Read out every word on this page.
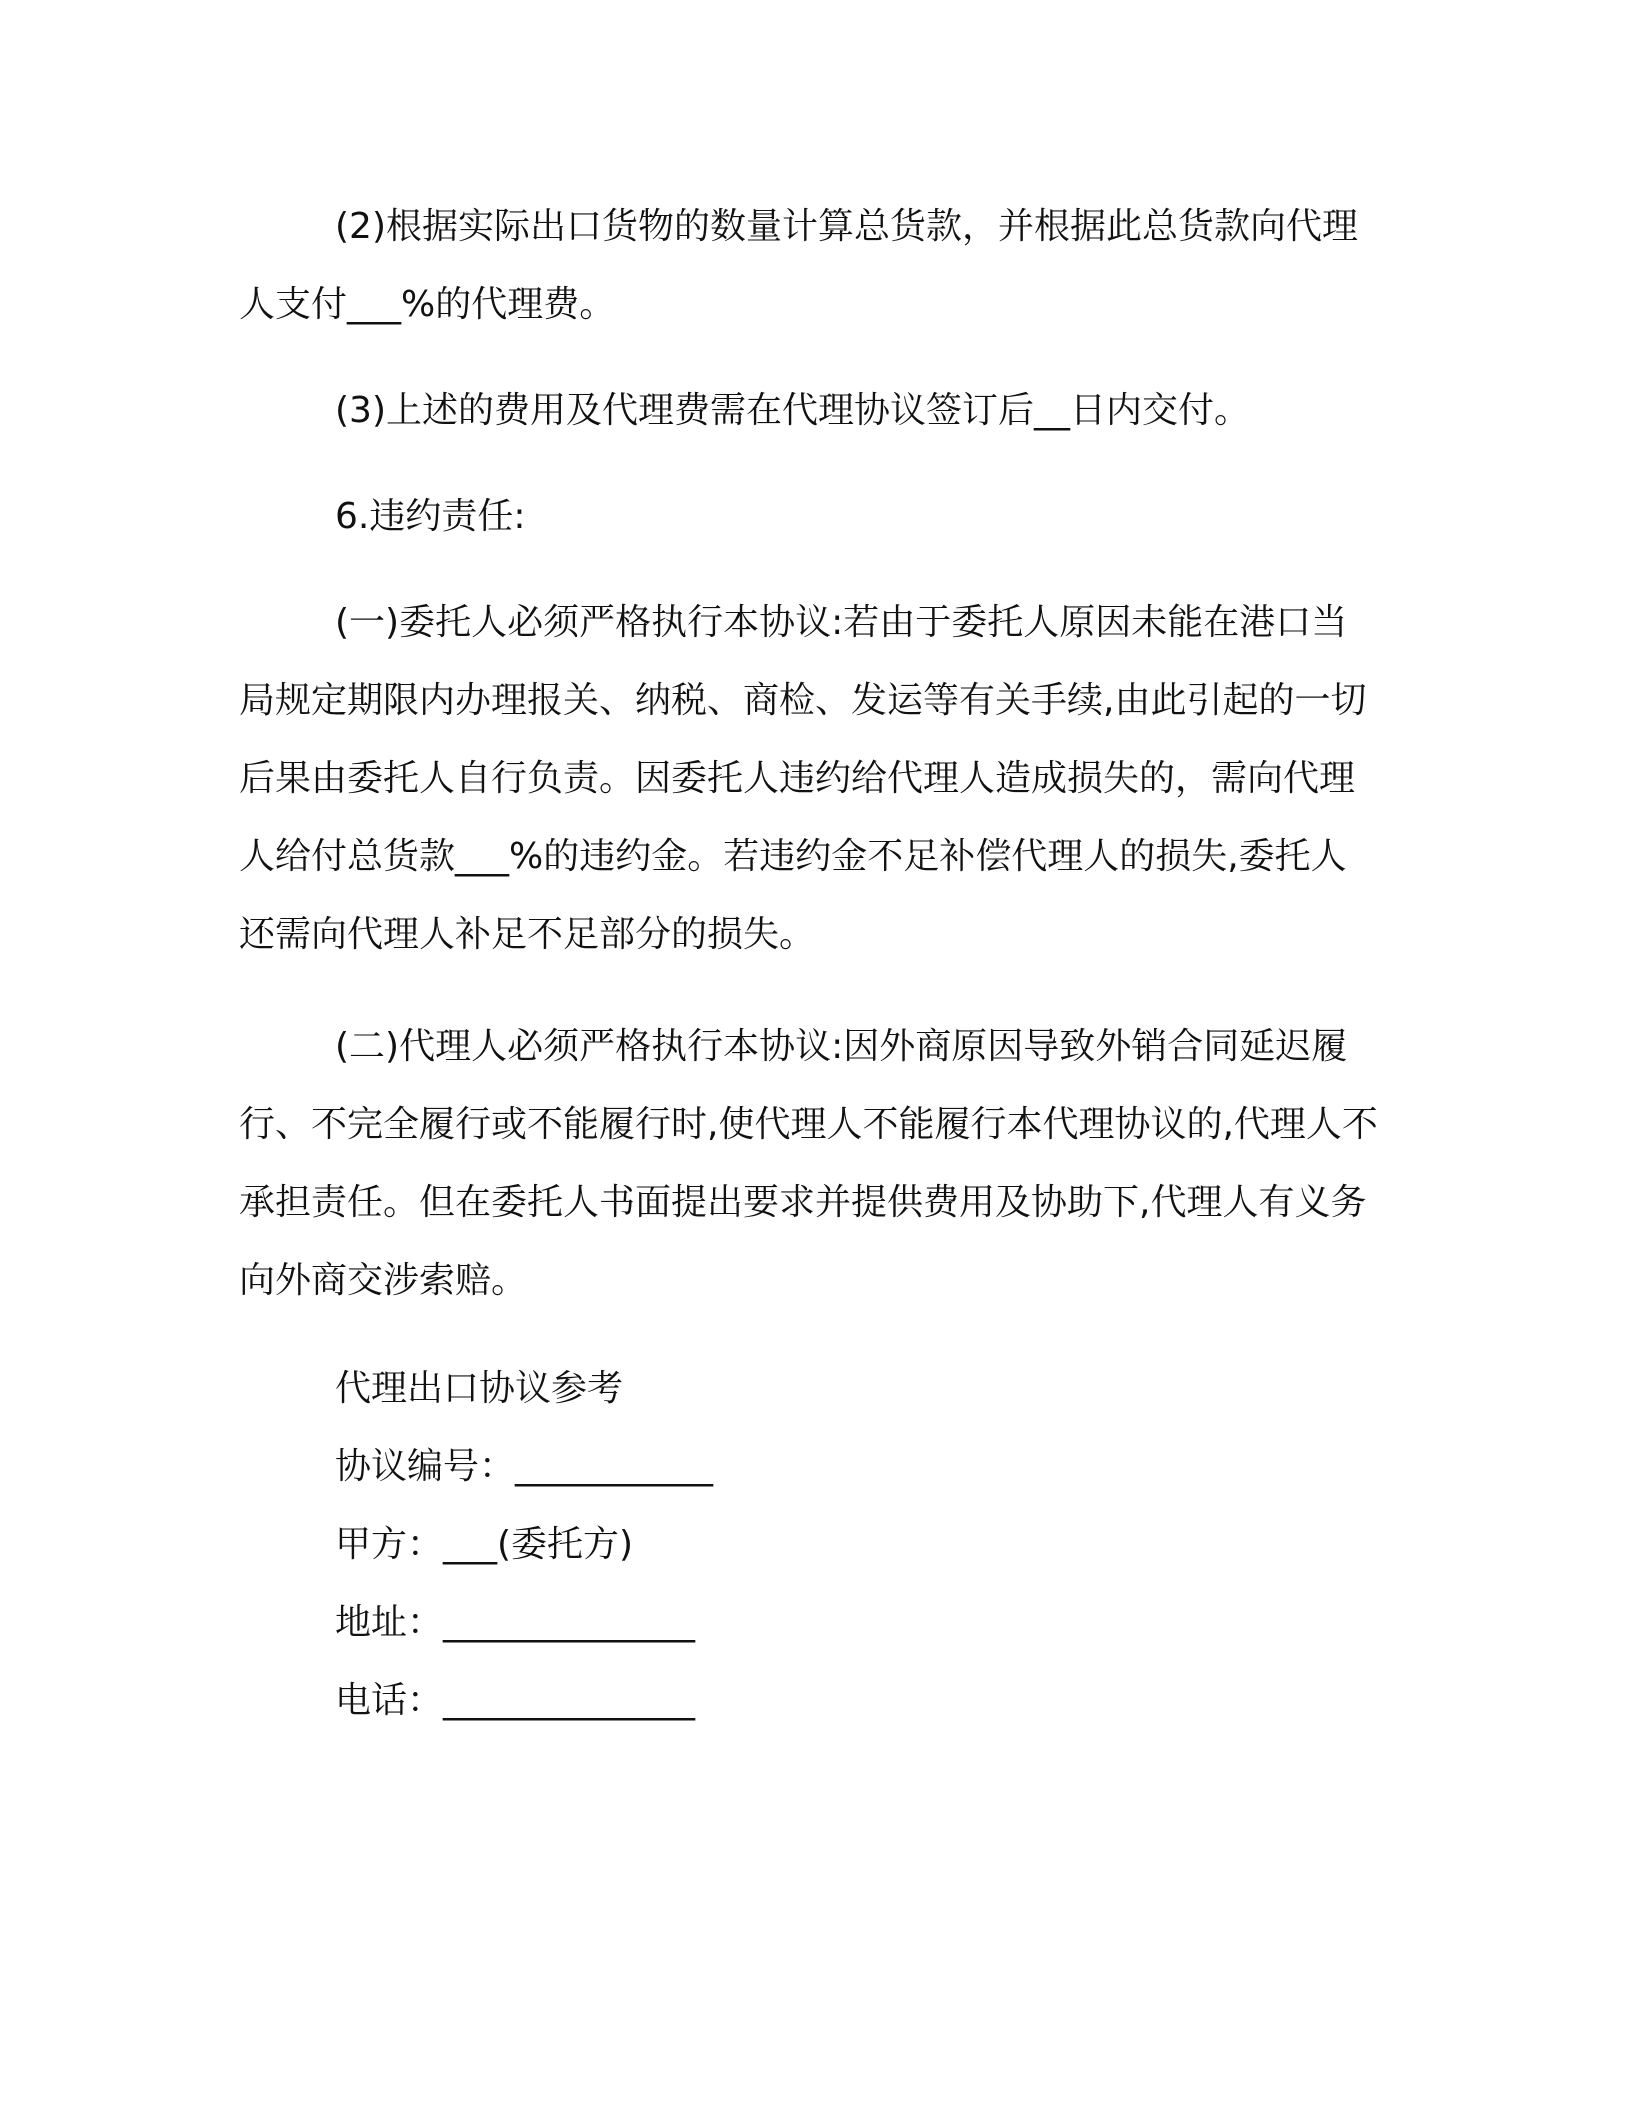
(2)根据实际出口货物的数量计算总货款，并根据此总货款向代理人支付___%的代理费。

(3)上述的费用及代理费需在代理协议签订后__日内交付。

6.违约责任:

(一)委托人必须严格执行本协议:若由于委托人原因未能在港口当局规定期限内办理报关、纳税、商检、发运等有关手续,由此引起的一切后果由委托人自行负责。因委托人违约给代理人造成损失的，需向代理人给付总货款___%的违约金。若违约金不足补偿代理人的损失,委托人还需向代理人补足不足部分的损失。

(二)代理人必须严格执行本协议:因外商原因导致外销合同延迟履行、不完全履行或不能履行时,使代理人不能履行本代理协议的,代理人不承担责任。但在委托人书面提出要求并提供费用及协助下,代理人有义务向外商交涉索赔。

代理出口协议参考

协议编号：___________
甲方：___(委托方)
地址：______________
电话：______________
